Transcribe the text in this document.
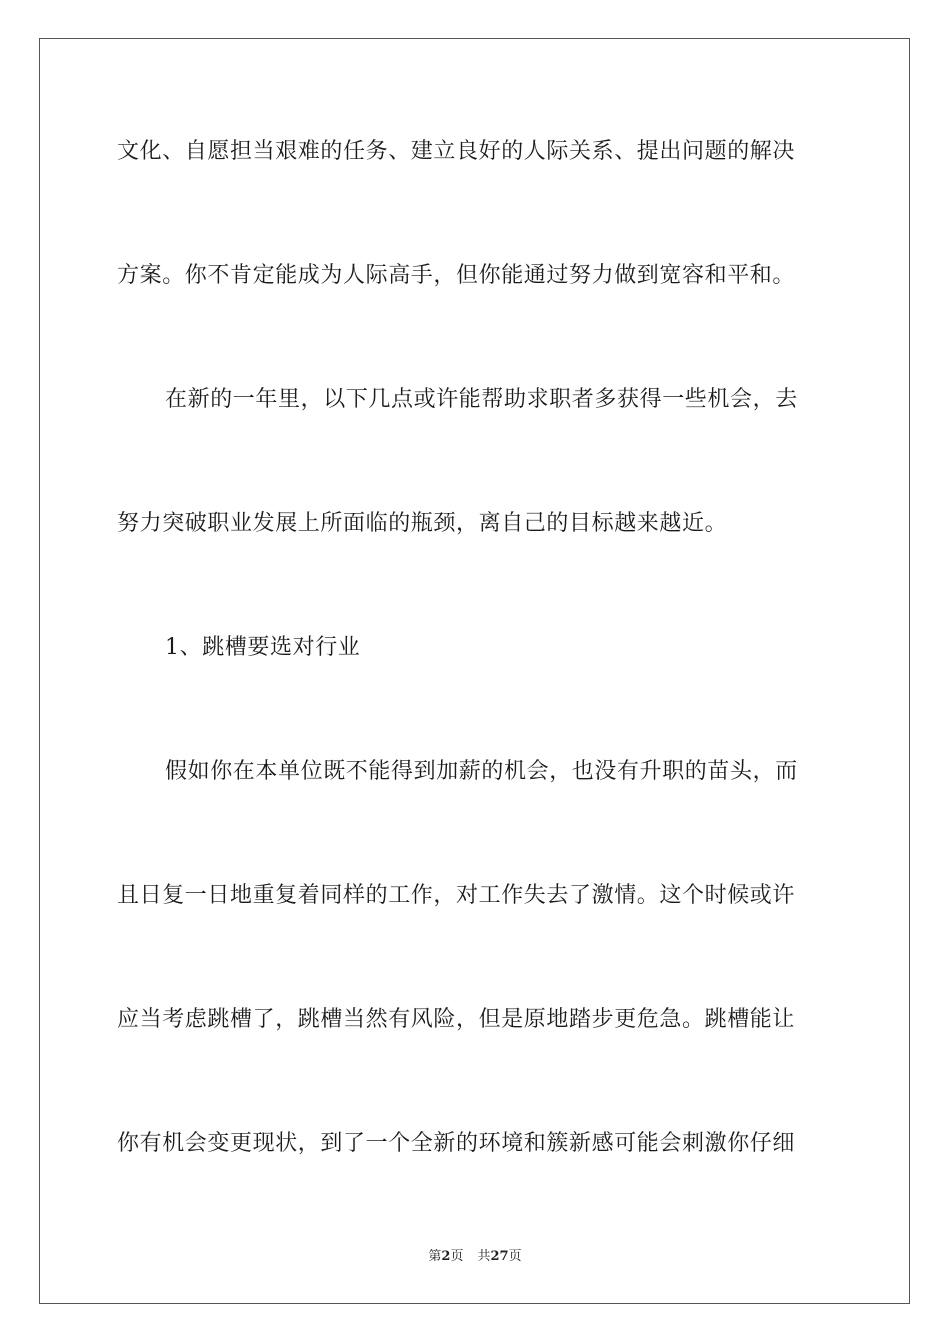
文化、自愿担当艰难的任务、建立良好的人际关系、提出问题的解决
方案。你不肯定能成为人际高手，但你能通过努力做到宽容和平和。
在新的一年里，以下几点或许能帮助求职者多获得一些机会，去
努力突破职业发展上所面临的瓶颈，离自己的目标越来越近。
1、跳槽要选对行业
假如你在本单位既不能得到加薪的机会，也没有升职的苗头，而
且日复一日地重复着同样的工作，对工作失去了激情。这个时候或许
应当考虑跳槽了，跳槽当然有风险，但是原地踏步更危急。跳槽能让
你有机会变更现状，到了一个全新的环境和簇新感可能会刺激你仔细
第2页 共27页
